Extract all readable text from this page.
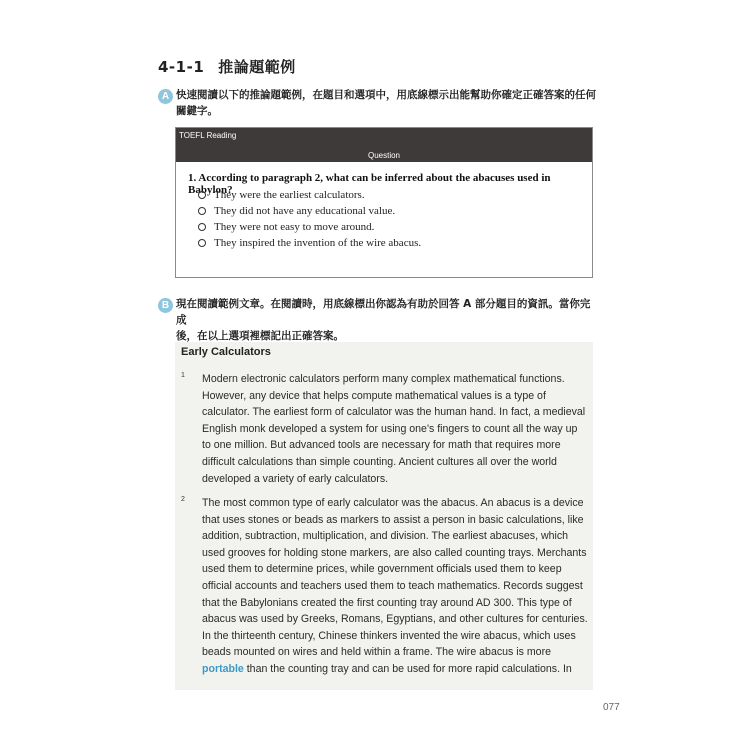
4-1-1 推論題範例
A 快速閱讀以下的推論題範例，在題目和選項中，用底線標示出能幫助你確定正確答案的任何
關鍵字。
TOEFL Reading
Question
1. According to paragraph 2, what can be inferred about the abacuses used in Babylon?
They were the earliest calculators.
They did not have any educational value.
They were not easy to move around.
They inspired the invention of the wire abacus.
B 現在閱讀範例文章。在閱讀時，用底線標出你認為有助於回答 A 部分題目的資訊。當你完成
後，在以上選項裡標記出正確答案。
Early Calculators
1 Modern electronic calculators perform many complex mathematical functions.
However, any device that helps compute mathematical values is a type of
calculator. The earliest form of calculator was the human hand. In fact, a medieval
English monk developed a system for using one's fingers to count all the way up
to one million. But advanced tools are necessary for math that requires more
difficult calculations than simple counting. Ancient cultures all over the world
developed a variety of early calculators.
2 The most common type of early calculator was the abacus. An abacus is a device
that uses stones or beads as markers to assist a person in basic calculations, like
addition, subtraction, multiplication, and division. The earliest abacuses, which
used grooves for holding stone markers, are also called counting trays. Merchants
used them to determine prices, while government officials used them to keep
official accounts and teachers used them to teach mathematics. Records suggest
that the Babylonians created the first counting tray around AD 300. This type of
abacus was used by Greeks, Romans, Egyptians, and other cultures for centuries.
In the thirteenth century, Chinese thinkers invented the wire abacus, which uses
beads mounted on wires and held within a frame. The wire abacus is more
portable than the counting tray and can be used for more rapid calculations. In
077
